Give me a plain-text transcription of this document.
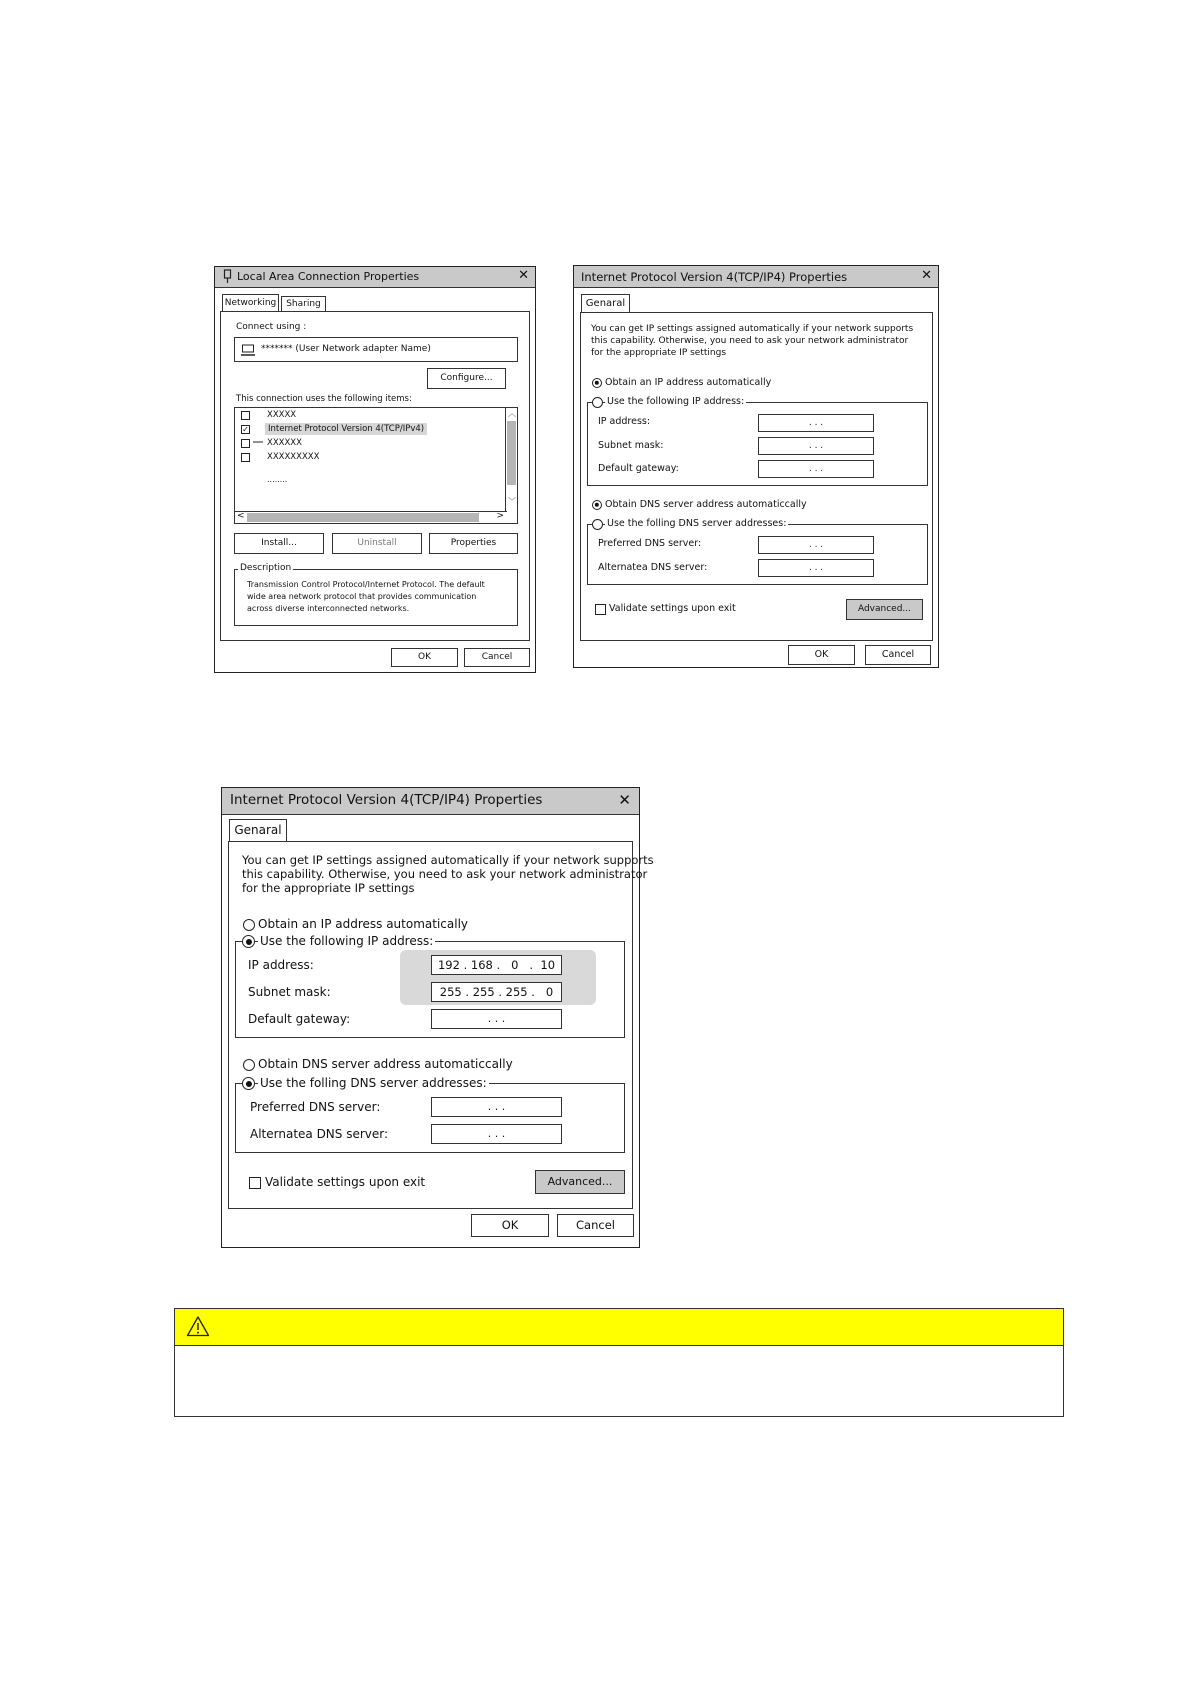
Local Area Connection Properties	✕
Networking	Sharing
Connect using :
******* (User Network adapter Name)
Configure...
This connection uses the following items:
XXXXX
✓	Internet Protocol Version 4(TCP/IPv4)
XXXXXX
XXXXXXXXX
........
︿
﹀
<	>
Install...	Uninstall	Properties
Description
Transmission Control Protocol/Internet Protocol. The default
wide area network protocol that provides communication
across diverse interconnected networks.
OK	Cancel
Internet Protocol Version 4(TCP/IP4) Properties	✕
Genaral
You can get IP settings assigned automatically if your network supports
this capability. Otherwise, you need to ask your network administrator
for the appropriate IP settings
Obtain an IP address automatically
Use the following IP address:
IP address:	. . .
Subnet mask:	. . .
Default gateway:	. . .
Obtain DNS server address automaticcally
Use the folling DNS server addresses:
Preferred DNS server:	. . .
Alternatea DNS server:	. . .
Validate settings upon exit	Advanced...
OK	Cancel
Internet Protocol Version 4(TCP/IP4) Properties	✕
Genaral
You can get IP settings assigned automatically if your network supports
this capability. Otherwise, you need to ask your network administrator
for the appropriate IP settings
Obtain an IP address automatically
Use the following IP address:
IP address:	192 . 168 .   0   .  10
Subnet mask:	255 . 255 . 255 .   0
Default gateway:	. . .
Obtain DNS server address automaticcally
Use the folling DNS server addresses:
Preferred DNS server:	. . .
Alternatea DNS server:	. . .
Validate settings upon exit	Advanced...
OK	Cancel
